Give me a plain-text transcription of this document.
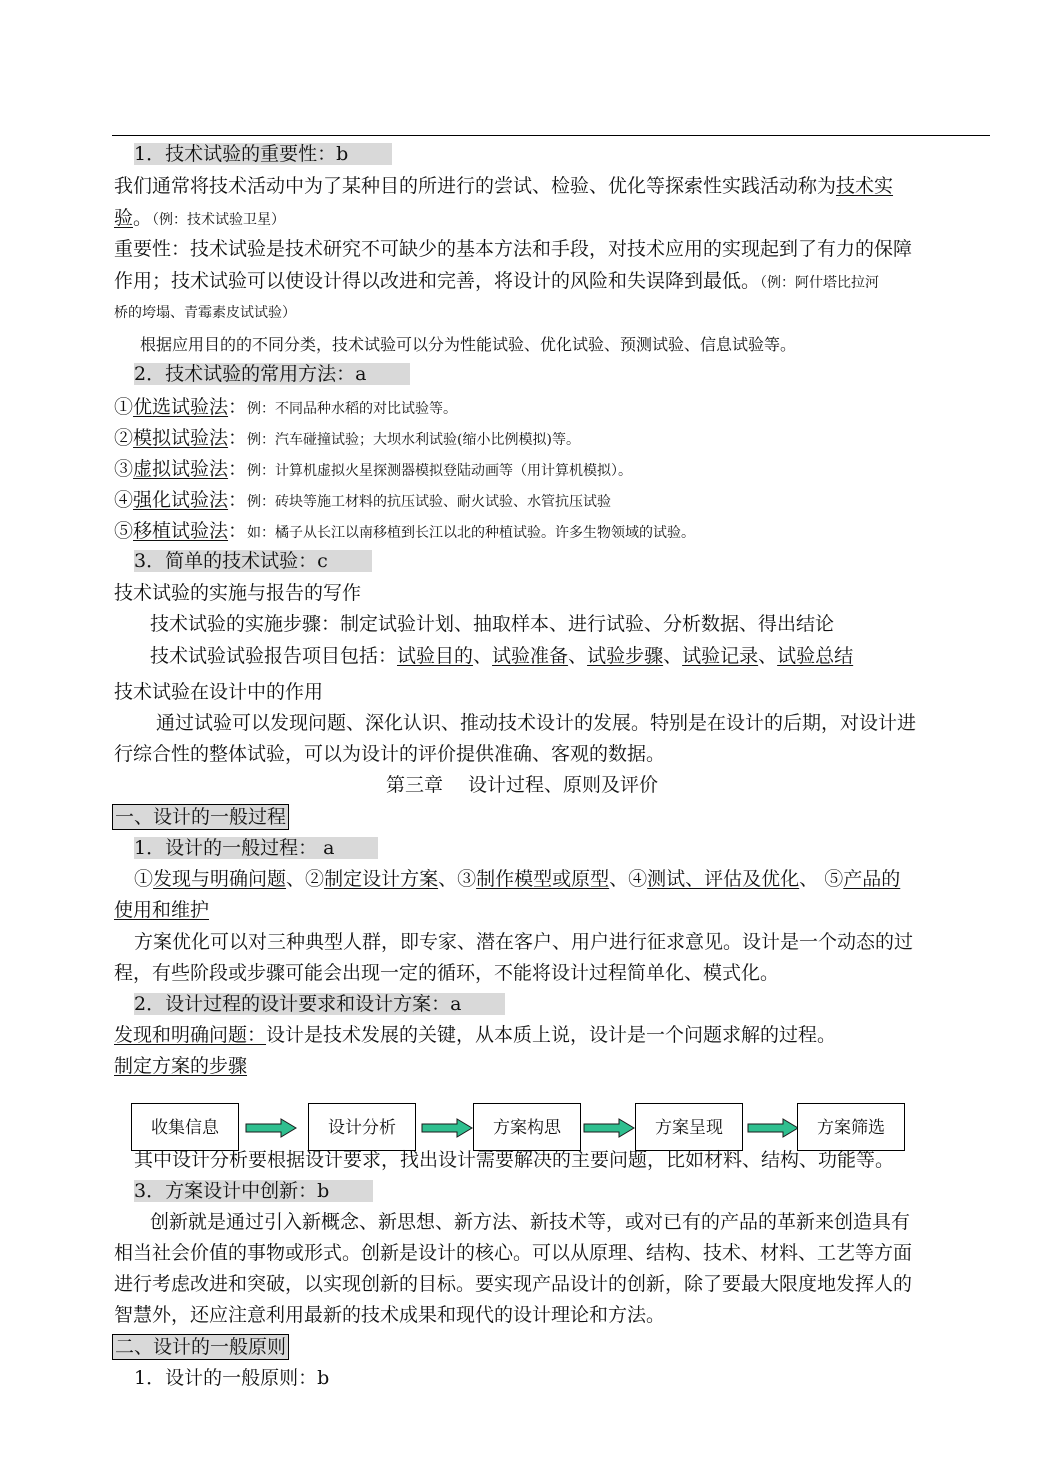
1．技术试验的重要性：b
我们通常将技术活动中为了某种目的所进行的尝试、检验、优化等探索性实践活动称为技术实
验。（例：技术试验卫星）
重要性：技术试验是技术研究不可缺少的基本方法和手段，对技术应用的实现起到了有力的保障
作用；技术试验可以使设计得以改进和完善，将设计的风险和失误降到最低。（例：阿什塔比拉河
桥的垮塌、青霉素皮试试验）
根据应用目的的不同分类，技术试验可以分为性能试验、优化试验、预测试验、信息试验等。
2．技术试验的常用方法：a
①优选试验法：例：不同品种水稻的对比试验等。
②模拟试验法：例：汽车碰撞试验；大坝水利试验(缩小比例模拟)等。
③虚拟试验法：例：计算机虚拟火星探测器模拟登陆动画等（用计算机模拟）。
④强化试验法：例：砖块等施工材料的抗压试验、耐火试验、水管抗压试验
⑤移植试验法：如：橘子从长江以南移植到长江以北的种植试验。许多生物领域的试验。
3．简单的技术试验：c
技术试验的实施与报告的写作
技术试验的实施步骤：制定试验计划、抽取样本、进行试验、分析数据、得出结论
技术试验试验报告项目包括：试验目的、试验准备、试验步骤、试验记录、试验总结
技术试验在设计中的作用
通过试验可以发现问题、深化认识、推动技术设计的发展。特别是在设计的后期，对设计进
行综合性的整体试验，可以为设计的评价提供准确、客观的数据。
第三章　 设计过程、原则及评价
一、设计的一般过程
1．设计的一般过程： a
①发现与明确问题、②制定设计方案、③制作模型或原型、④测试、评估及优化、 ⑤产品的
使用和维护
方案优化可以对三种典型人群，即专家、潜在客户、用户进行征求意见。设计是一个动态的过
程，有些阶段或步骤可能会出现一定的循环，不能将设计过程简单化、模式化。
2．设计过程的设计要求和设计方案：a
发现和明确问题：设计是技术发展的关键，从本质上说，设计是一个问题求解的过程。
制定方案的步骤
收集信息	设计分析	方案构思	方案呈现	方案筛选
其中设计分析要根据设计要求，找出设计需要解决的主要问题，比如材料、结构、功能等。
3．方案设计中创新：b
创新就是通过引入新概念、新思想、新方法、新技术等，或对已有的产品的革新来创造具有
相当社会价值的事物或形式。创新是设计的核心。可以从原理、结构、技术、材料、工艺等方面
进行考虑改进和突破，以实现创新的目标。要实现产品设计的创新，除了要最大限度地发挥人的
智慧外，还应注意利用最新的技术成果和现代的设计理论和方法。
二、设计的一般原则
1．设计的一般原则：b
